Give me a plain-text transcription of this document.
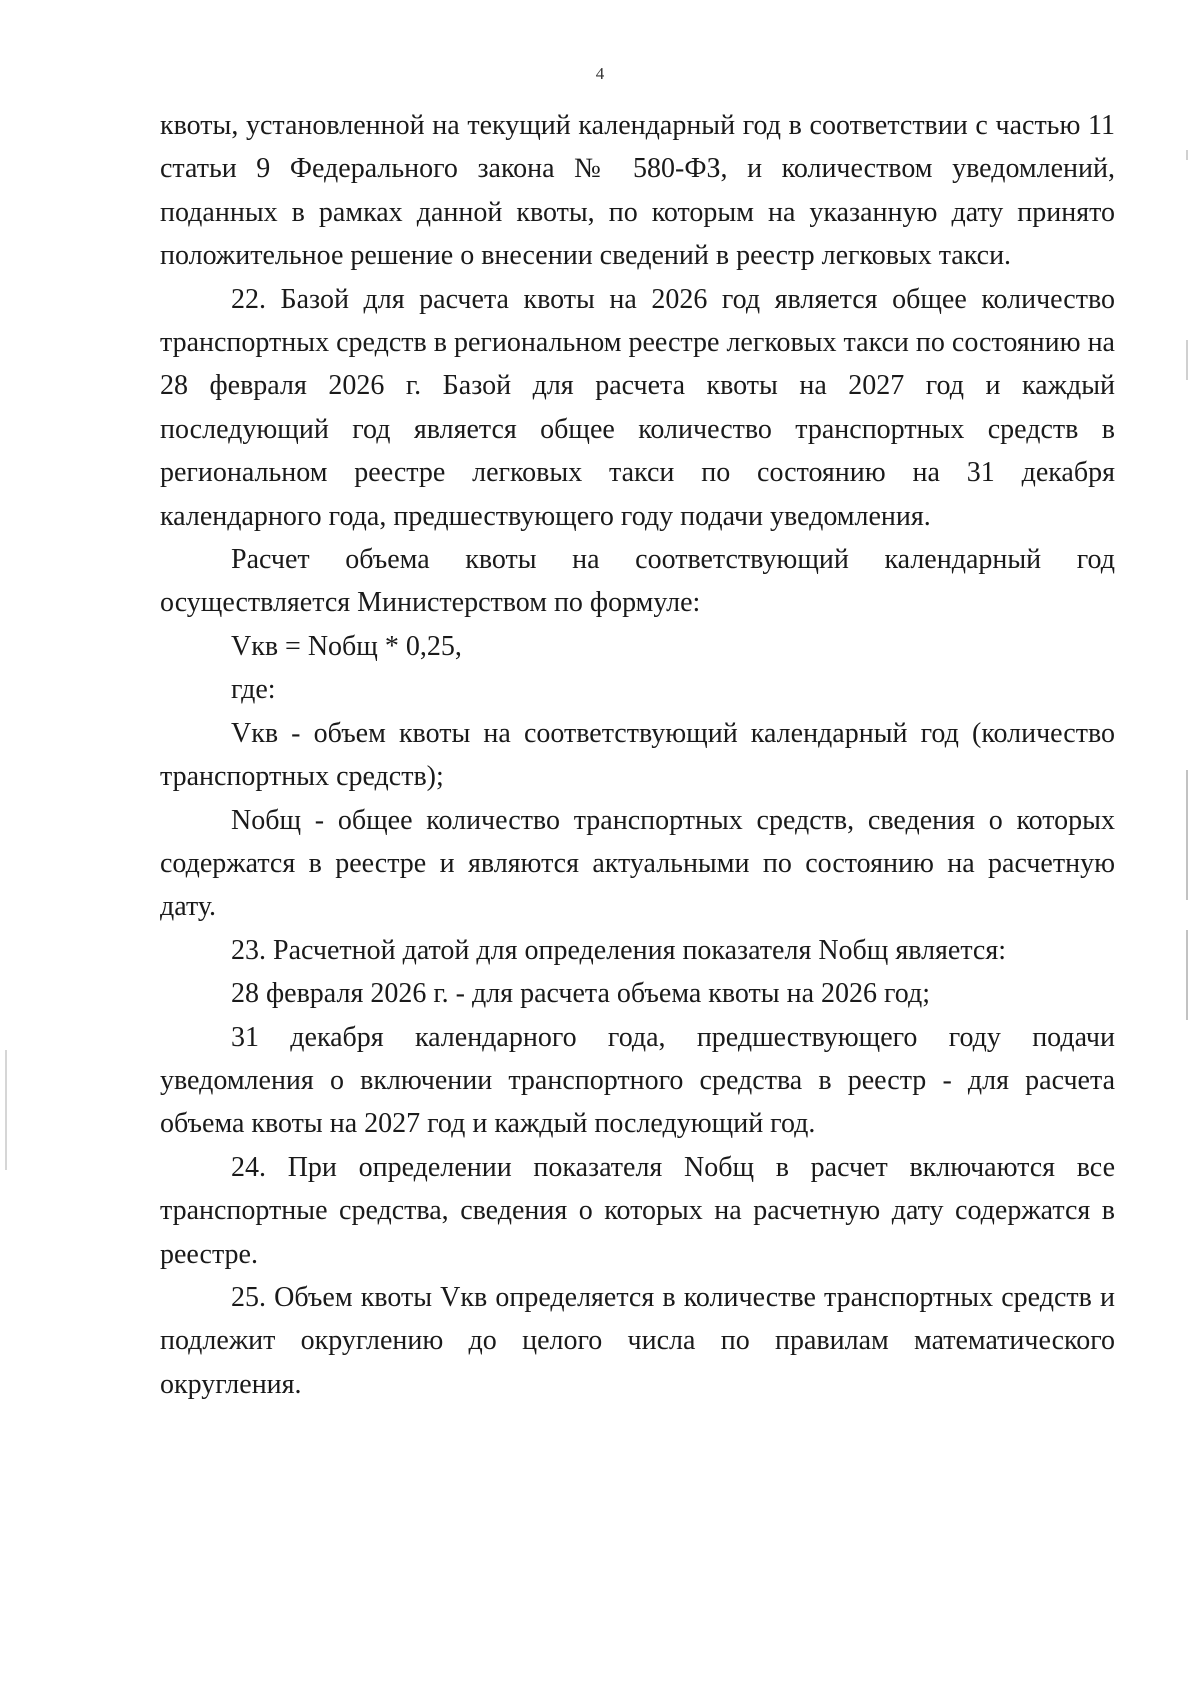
4

квоты, установленной на текущий календарный год в соответствии с частью 11 статьи 9 Федерального закона № 580-ФЗ, и количеством уведомлений, поданных в рамках данной квоты, по которым на указанную дату принято положительное решение о внесении сведений в реестр легковых такси.

22. Базой для расчета квоты на 2026 год является общее количество транспортных средств в региональном реестре легковых такси по состоянию на 28 февраля 2026 г. Базой для расчета квоты на 2027 год и каждый последующий год является общее количество транспортных средств в региональном реестре легковых такси по состоянию на 31 декабря календарного года, предшествующего году подачи уведомления.

Расчет объема квоты на соответствующий календарный год осуществляется Министерством по формуле:

Vкв = Nобщ * 0,25,

где:

Vкв - объем квоты на соответствующий календарный год (количество транспортных средств);

Nобщ - общее количество транспортных средств, сведения о которых содержатся в реестре и являются актуальными по состоянию на расчетную дату.

23. Расчетной датой для определения показателя Nобщ является:

28 февраля 2026 г. - для расчета объема квоты на 2026 год;

31 декабря календарного года, предшествующего году подачи уведомления о включении транспортного средства в реестр - для расчета объема квоты на 2027 год и каждый последующий год.

24. При определении показателя Nобщ в расчет включаются все транспортные средства, сведения о которых на расчетную дату содержатся в реестре.

25. Объем квоты Vкв определяется в количестве транспортных средств и подлежит округлению до целого числа по правилам математического округления.
